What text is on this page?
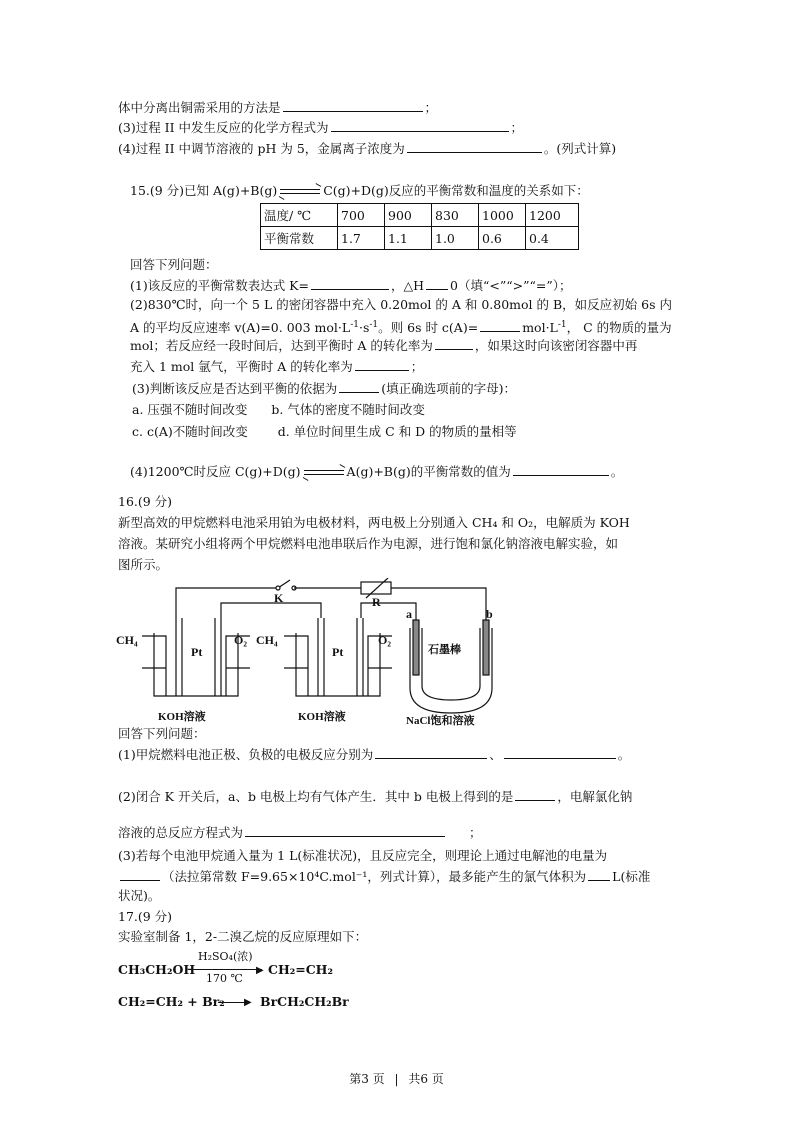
体中分离出铜需采用的方法是	；
(3)过程 II 中发生反应的化学方程式为	；
(4)过程 II 中调节溶液的 pH 为 5，金属离子浓度为	。(列式计算)
15.(9 分)已知 A(g)+B(g)	C(g)+D(g)反应的平衡常数和温度的关系如下：
温度/ ℃	700	900	830	1000	1200
平衡常数	1.7	1.1	1.0	0.6	0.4
回答下列问题：
(1)该反应的平衡常数表达式 K=	，△H 0（填“<”“>”“=”）；
(2)830℃时，向一个 5 L 的密闭容器中充入 0.20mol 的 A 和 0.80mol 的 B，如反应初始 6s 内
A 的平均反应速率 v(A)=0. 003 $mol\cdot L^{-1}\cdot s^{-1}$。则 6s 时 c(A)=	$mol\cdot L^{-1}$， C 的物质的量为
mol；若反应经一段时间后，达到平衡时 A 的转化率为	，如果这时向该密闭容器中再
充入 1 mol 氩气，平衡时 A 的转化率为	；
(3)判断该反应是否达到平衡的依据为	(填正确选项前的字母)：
a. 压强不随时间改变 b. 气体的密度不随时间改变
c. c(A)不随时间改变 d. 单位时间里生成 C 和 D 的物质的量相等
(4)1200℃时反应 C(g)+D(g)	A(g)+B(g)的平衡常数的值为	。
16.(9 分)
新型高效的甲烷燃料电池采用铂为电极材料，两电极上分别通入 CH₄ 和 O₂，电解质为 KOH
溶液。某研究小组将两个甲烷燃料电池串联后作为电源，进行饱和氯化钠溶液电解实验，如
图所示。
CH₄	O₂ CH₄	O₂
Pt	Pt
K	R
a	b
石墨棒
KOH溶液	KOH溶液	NaCl饱和溶液
回答下列问题：
(1)甲烷燃料电池正极、负极的电极反应分别为	、	。
(2)闭合 K 开关后，a、b 电极上均有气体产生．其中 b 电极上得到的是	，电解氯化钠
溶液的总反应方程式为	；
(3)若每个电池甲烷通入量为 1 L(标准状况)，且反应完全，则理论上通过电解池的电量为
（法拉第常数 F=9.65×10⁴C.mol⁻¹，列式计算），最多能产生的氯气体积为 L(标准
状况)。
17.(9 分)
实验室制备 1，2-二溴乙烷的反应原理如下：
CH₃CH₂OH
H₂SO₄(浓)
▶
170 ℃
CH₂=CH₂
CH₂=CH₂ + Br₂ ▶ BrCH₂CH₂Br
第3 页 | 共6 页
